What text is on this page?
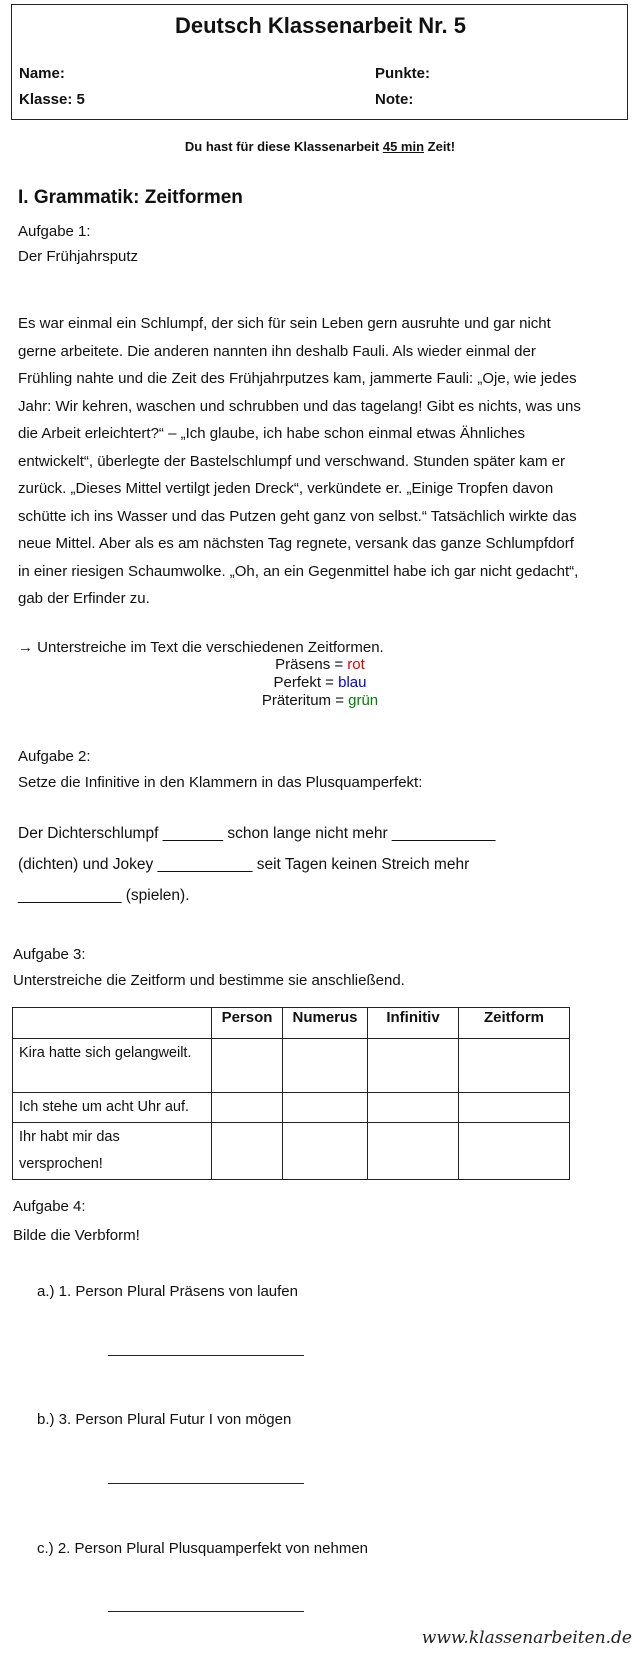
Deutsch Klassenarbeit Nr. 5
Name:	Punkte:
Klasse: 5	Note:
Du hast für diese Klassenarbeit 45 min Zeit!
I. Grammatik: Zeitformen
Aufgabe 1:
Der Frühjahrsputz
Es war einmal ein Schlumpf, der sich für sein Leben gern ausruhte und gar nicht
gerne arbeitete. Die anderen nannten ihn deshalb Fauli. Als wieder einmal der
Frühling nahte und die Zeit des Frühjahrputzes kam, jammerte Fauli: „Oje, wie jedes
Jahr: Wir kehren, waschen und schrubben und das tagelang! Gibt es nichts, was uns
die Arbeit erleichtert?“ – „Ich glaube, ich habe schon einmal etwas Ähnliches
entwickelt“, überlegte der Bastelschlumpf und verschwand. Stunden später kam er
zurück. „Dieses Mittel vertilgt jeden Dreck“, verkündete er. „Einige Tropfen davon
schütte ich ins Wasser und das Putzen geht ganz von selbst.“ Tatsächlich wirkte das
neue Mittel. Aber als es am nächsten Tag regnete, versank das ganze Schlumpfdorf
in einer riesigen Schaumwolke. „Oh, an ein Gegenmittel habe ich gar nicht gedacht“,
gab der Erfinder zu.
→ Unterstreiche im Text die verschiedenen Zeitformen.
Präsens = rot
Perfekt = blau
Präteritum = grün
Aufgabe 2:
Setze die Infinitive in den Klammern in das Plusquamperfekt:
Der Dichterschlumpf _______ schon lange nicht mehr ____________
(dichten) und Jokey ___________ seit Tagen keinen Streich mehr
____________ (spielen).
Aufgabe 3:
Unterstreiche die Zeitform und bestimme sie anschließend.
	Person	Numerus	Infinitiv	Zeitform
Kira hatte sich gelangweilt.				
Ich stehe um acht Uhr auf.				
Ihr habt mir das versprochen!				
Aufgabe 4:
Bilde die Verbform!
a.) 1. Person Plural Präsens von laufen
b.) 3. Person Plural Futur I von mögen
c.) 2. Person Plural Plusquamperfekt von nehmen
www.klassenarbeiten.de
